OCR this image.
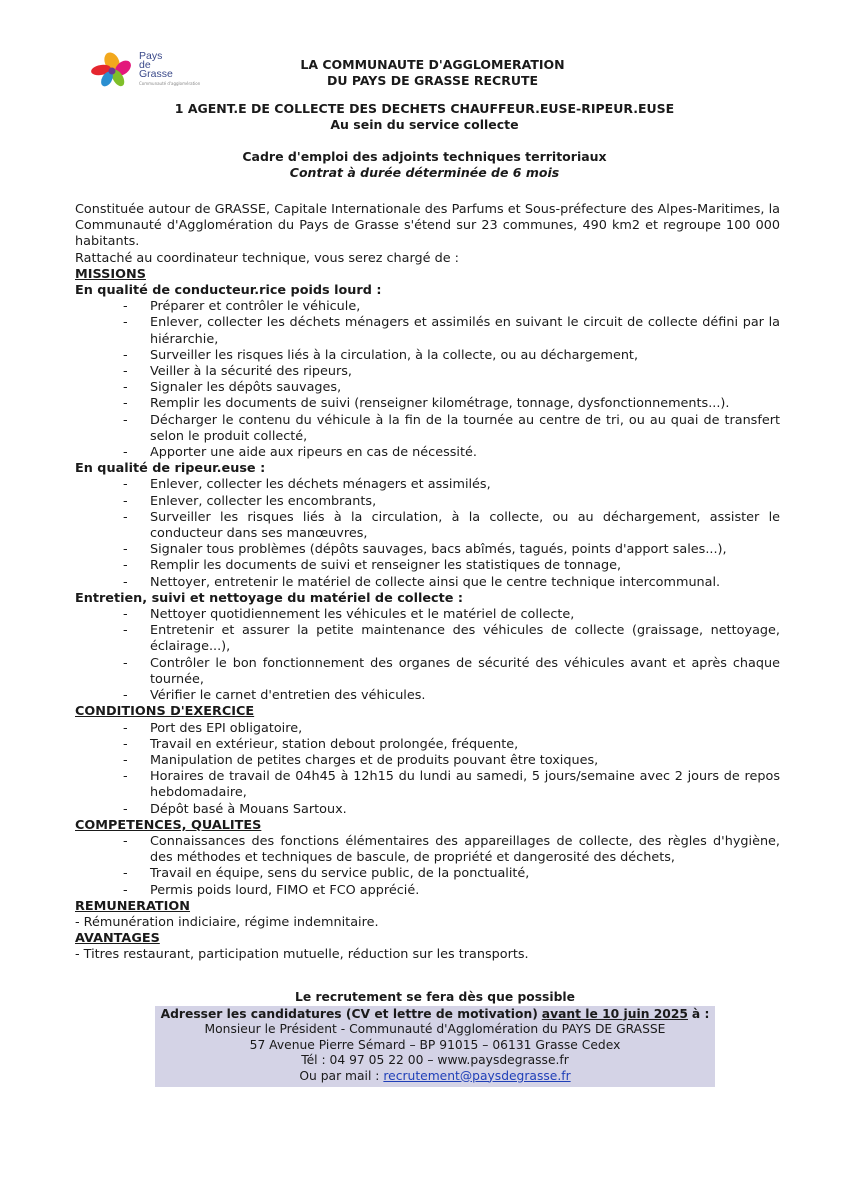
Pays
de
Grasse
Communauté d'agglomération
LA COMMUNAUTE D'AGGLOMERATION
DU PAYS DE GRASSE RECRUTE
1 AGENT.E DE COLLECTE DES DECHETS CHAUFFEUR.EUSE-RIPEUR.EUSE
Au sein du service collecte
Cadre d'emploi des adjoints techniques territoriaux
Contrat à durée déterminée de 6 mois

Constituée autour de GRASSE, Capitale Internationale des Parfums et Sous-préfecture des Alpes-Maritimes, la Communauté d'Agglomération du Pays de Grasse s'étend sur 23 communes, 490 km2 et regroupe 100 000 habitants.

Rattaché au coordinateur technique, vous serez chargé de :

MISSIONS

En qualité de conducteur.rice poids lourd :

- Préparer et contrôler le véhicule,
- Enlever, collecter les déchets ménagers et assimilés en suivant le circuit de collecte défini par la hiérarchie,
- Surveiller les risques liés à la circulation, à la collecte, ou au déchargement,
- Veiller à la sécurité des ripeurs,
- Signaler les dépôts sauvages,
- Remplir les documents de suivi (renseigner kilométrage, tonnage, dysfonctionnements...).
- Décharger le contenu du véhicule à la fin de la tournée au centre de tri, ou au quai de transfert selon le produit collecté,
- Apporter une aide aux ripeurs en cas de nécessité.

En qualité de ripeur.euse :

- Enlever, collecter les déchets ménagers et assimilés,
- Enlever, collecter les encombrants,
- Surveiller les risques liés à la circulation, à la collecte, ou au déchargement, assister le conducteur dans ses manœuvres,
- Signaler tous problèmes (dépôts sauvages, bacs abîmés, tagués, points d'apport sales...),
- Remplir les documents de suivi et renseigner les statistiques de tonnage,
- Nettoyer, entretenir le matériel de collecte ainsi que le centre technique intercommunal.

Entretien, suivi et nettoyage du matériel de collecte :

- Nettoyer quotidiennement les véhicules et le matériel de collecte,
- Entretenir et assurer la petite maintenance des véhicules de collecte (graissage, nettoyage, éclairage...),
- Contrôler le bon fonctionnement des organes de sécurité des véhicules avant et après chaque tournée,
- Vérifier le carnet d'entretien des véhicules.

CONDITIONS D'EXERCICE

- Port des EPI obligatoire,
- Travail en extérieur, station debout prolongée, fréquente,
- Manipulation de petites charges et de produits pouvant être toxiques,
- Horaires de travail de 04h45 à 12h15 du lundi au samedi, 5 jours/semaine avec 2 jours de repos hebdomadaire,
- Dépôt basé à Mouans Sartoux.

COMPETENCES, QUALITES

- Connaissances des fonctions élémentaires des appareillages de collecte, des règles d'hygiène, des méthodes et techniques de bascule, de propriété et dangerosité des déchets,
- Travail en équipe, sens du service public, de la ponctualité,
- Permis poids lourd, FIMO et FCO apprécié.

REMUNERATION

- Rémunération indiciaire, régime indemnitaire.

AVANTAGES

- Titres restaurant, participation mutuelle, réduction sur les transports.

Le recrutement se fera dès que possible
Adresser les candidatures (CV et lettre de motivation) avant le 10 juin 2025 à :
Monsieur le Président - Communauté d'Agglomération du PAYS DE GRASSE
57 Avenue Pierre Sémard – BP 91015 – 06131 Grasse Cedex
Tél : 04 97 05 22 00 – www.paysdegrasse.fr
Ou par mail : recrutement@paysdegrasse.fr
